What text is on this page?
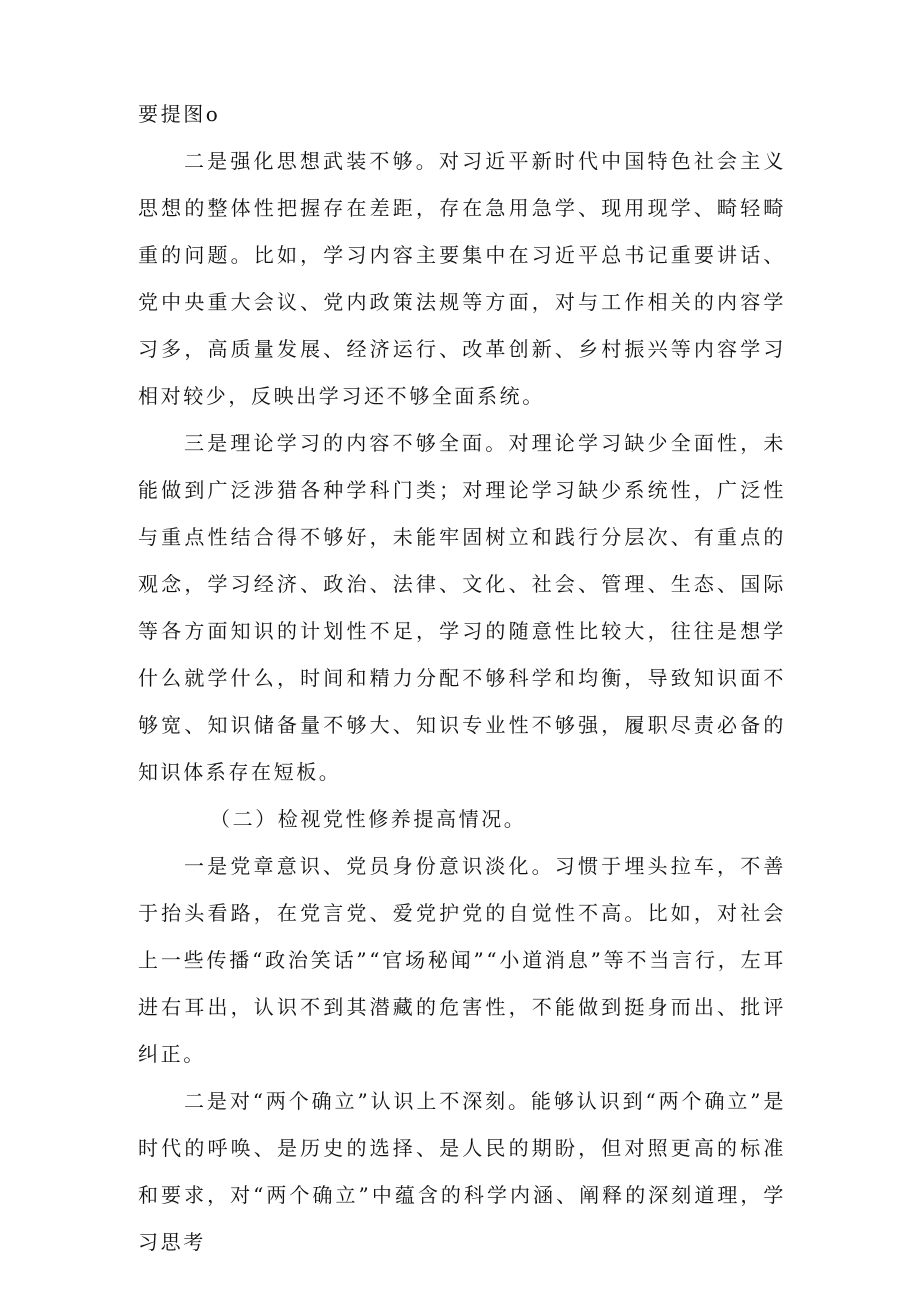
要提图o

二是强化思想武装不够。对习近平新时代中国特色社会主义思想的整体性把握存在差距，存在急用急学、现用现学、畸轻畸重的问题。比如，学习内容主要集中在习近平总书记重要讲话、党中央重大会议、党内政策法规等方面，对与工作相关的内容学习多，高质量发展、经济运行、改革创新、乡村振兴等内容学习相对较少，反映出学习还不够全面系统。

三是理论学习的内容不够全面。对理论学习缺少全面性，未能做到广泛涉猎各种学科门类；对理论学习缺少系统性，广泛性与重点性结合得不够好，未能牢固树立和践行分层次、有重点的观念，学习经济、政治、法律、文化、社会、管理、生态、国际等各方面知识的计划性不足，学习的随意性比较大，往往是想学什么就学什么，时间和精力分配不够科学和均衡，导致知识面不够宽、知识储备量不够大、知识专业性不够强，履职尽责必备的知识体系存在短板。

（二）检视党性修养提高情况。

一是党章意识、党员身份意识淡化。习惯于埋头拉车，不善于抬头看路，在党言党、爱党护党的自觉性不高。比如，对社会上一些传播“政治笑话”“官场秘闻”“小道消息”等不当言行，左耳进右耳出，认识不到其潜藏的危害性，不能做到挺身而出、批评纠正。

二是对“两个确立”认识上不深刻。能够认识到“两个确立”是时代的呼唤、是历史的选择、是人民的期盼，但对照更高的标准和要求，对“两个确立”中蕴含的科学内涵、阐释的深刻道理，学习思考
